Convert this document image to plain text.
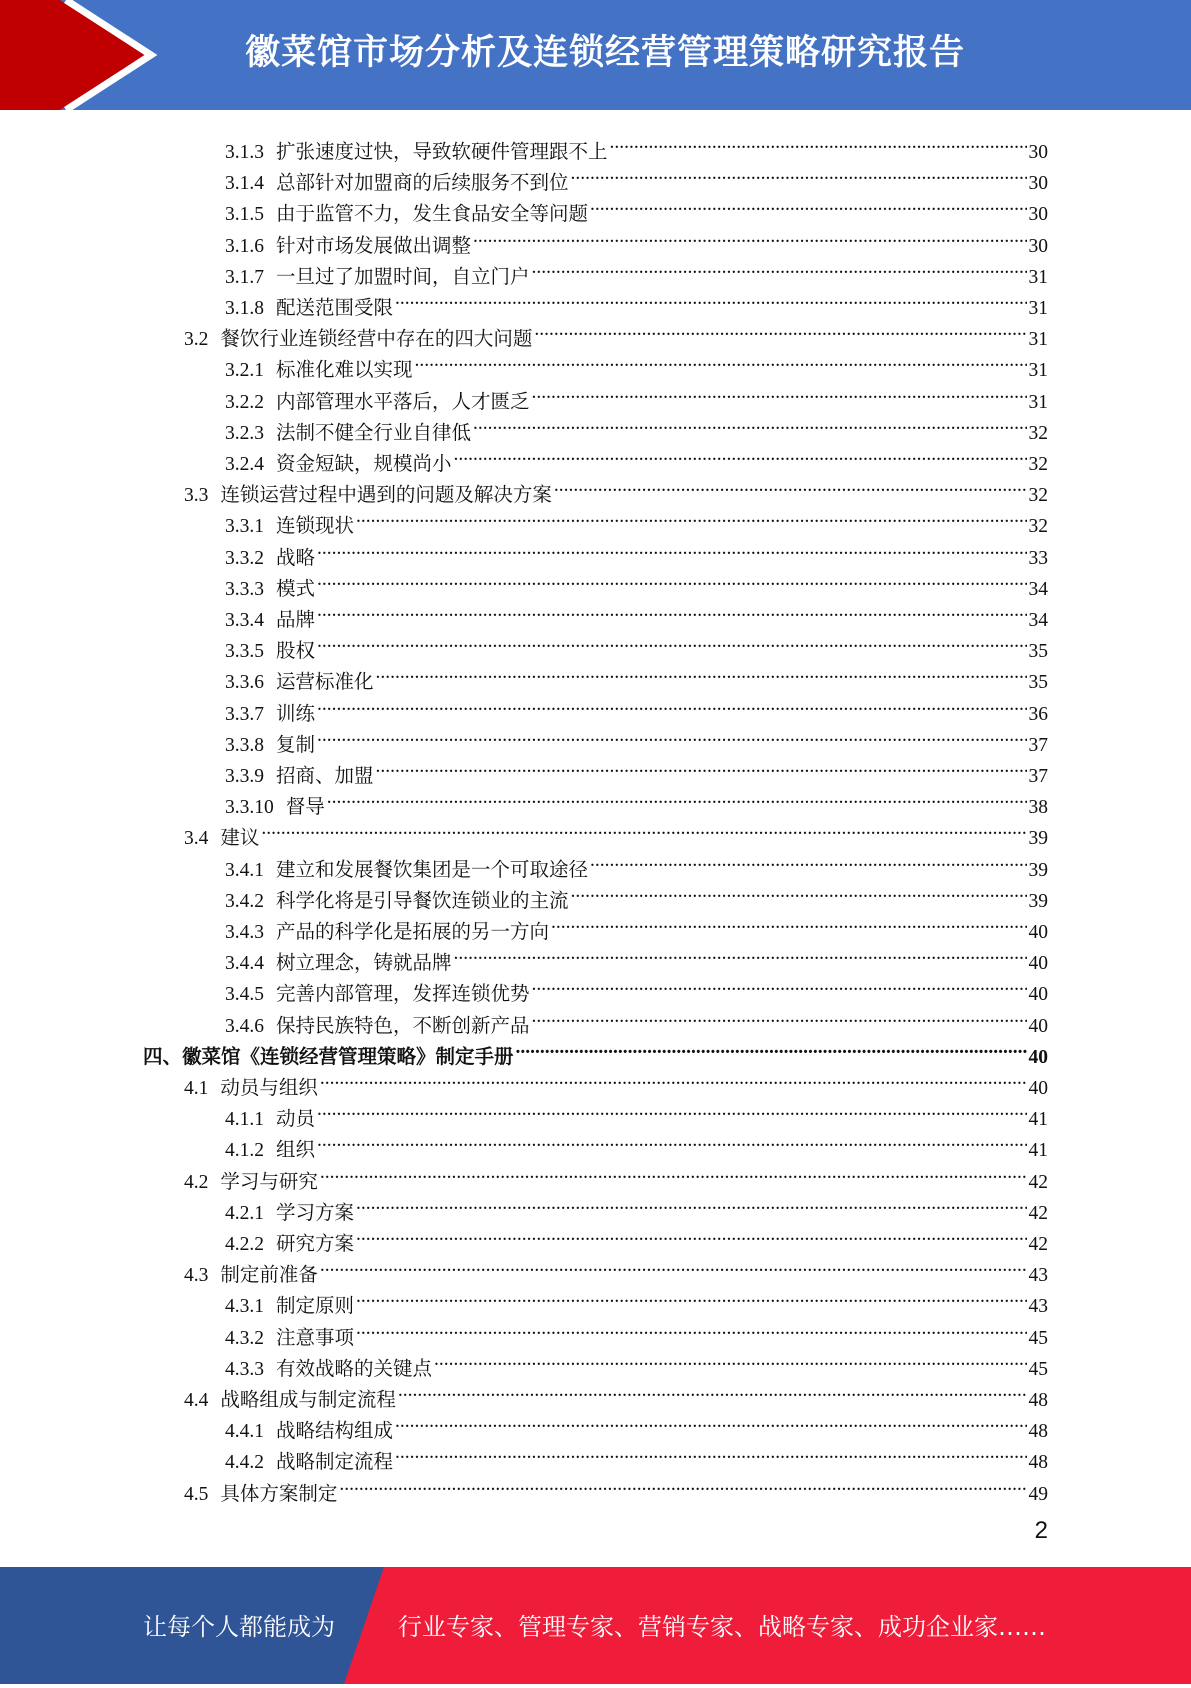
徽菜馆市场分析及连锁经营管理策略研究报告
3.1.3 扩张速度过快，导致软硬件管理跟不上 .....	30
3.1.4 总部针对加盟商的后续服务不到位 .....	30
3.1.5 由于监管不力，发生食品安全等问题 .....	30
3.1.6 针对市场发展做出调整 .....	30
3.1.7 一旦过了加盟时间，自立门户 .....	31
3.1.8 配送范围受限 .....	31
3.2 餐饮行业连锁经营中存在的四大问题 .....	31
3.2.1 标准化难以实现 .....	31
3.2.2 内部管理水平落后，人才匮乏 .....	31
3.2.3 法制不健全行业自律低 .....	32
3.2.4 资金短缺，规模尚小 .....	32
3.3 连锁运营过程中遇到的问题及解决方案 .....	32
3.3.1 连锁现状 .....	32
3.3.2 战略 .....	33
3.3.3 模式 .....	34
3.3.4 品牌 .....	34
3.3.5 股权 .....	35
3.3.6 运营标准化 .....	35
3.3.7 训练 .....	36
3.3.8 复制 .....	37
3.3.9 招商、加盟 .....	37
3.3.10 督导 .....	38
3.4 建议 .....	39
3.4.1 建立和发展餐饮集团是一个可取途径 .....	39
3.4.2 科学化将是引导餐饮连锁业的主流 .....	39
3.4.3 产品的科学化是拓展的另一方向 .....	40
3.4.4 树立理念，铸就品牌 .....	40
3.4.5 完善内部管理，发挥连锁优势 .....	40
3.4.6 保持民族特色，不断创新产品 .....	40
四、 徽菜馆《连锁经营管理策略》制定手册 .....	40
4.1 动员与组织 .....	40
4.1.1 动员 .....	41
4.1.2 组织 .....	41
4.2 学习与研究 .....	42
4.2.1 学习方案 .....	42
4.2.2 研究方案 .....	42
4.3 制定前准备 .....	43
4.3.1 制定原则 .....	43
4.3.2 注意事项 .....	45
4.3.3 有效战略的关键点 .....	45
4.4 战略组成与制定流程 .....	48
4.4.1 战略结构组成 .....	48
4.4.2 战略制定流程 .....	48
4.5 具体方案制定 .....	49
2
让每个人都能成为	行业专家、管理专家、营销专家、战略专家、成功企业家……
